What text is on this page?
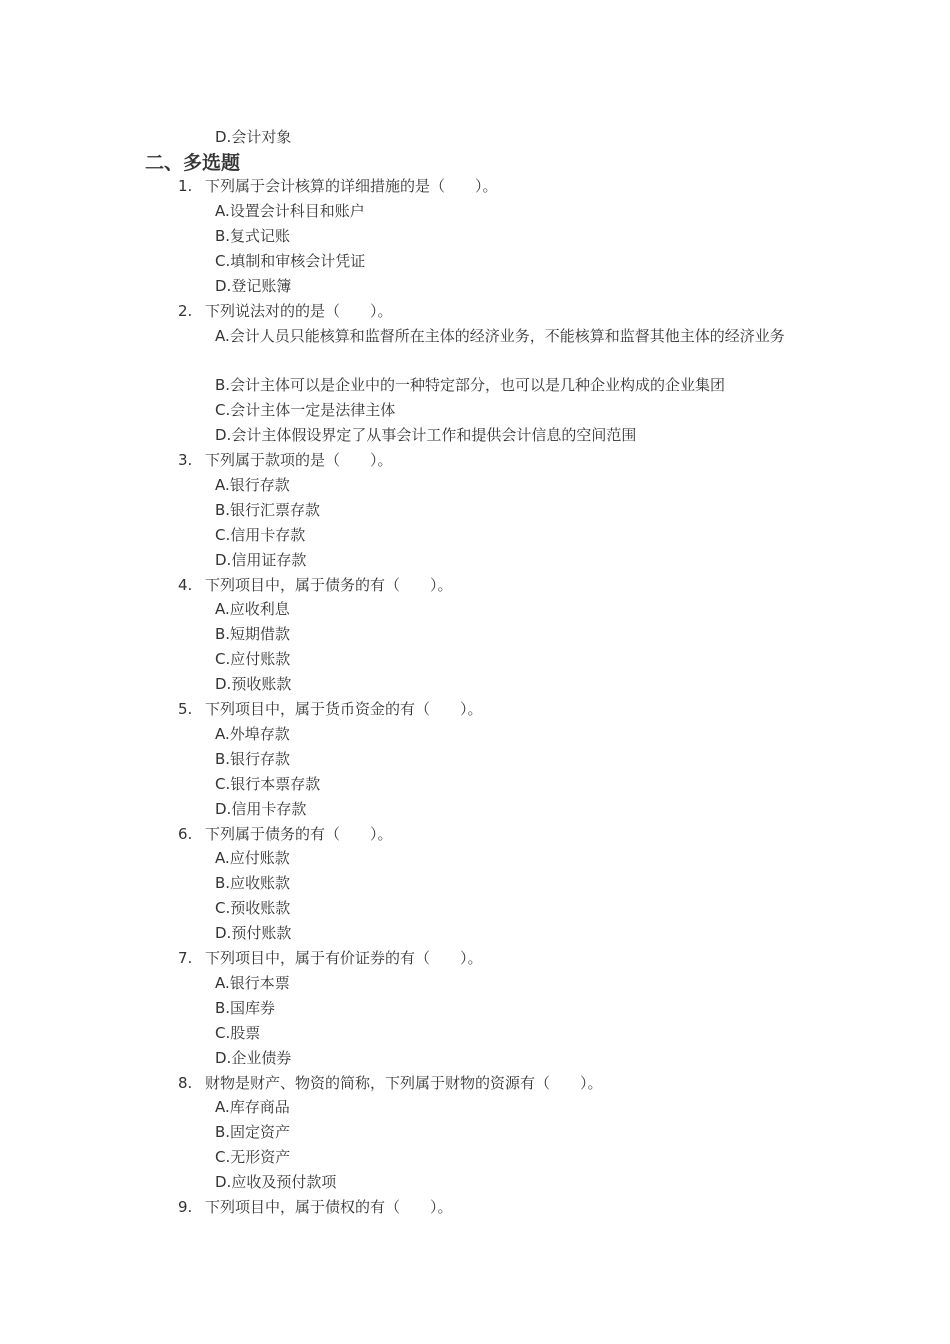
D.会计对象
二、多选题
1. 下列属于会计核算的详细措施的是（　　）。
A.设置会计科目和账户
B.复式记账
C.填制和审核会计凭证
D.登记账簿
2. 下列说法对的的是（　　）。
A.会计人员只能核算和监督所在主体的经济业务，不能核算和监督其他主体的经济业务
B.会计主体可以是企业中的一种特定部分，也可以是几种企业构成的企业集团
C.会计主体一定是法律主体
D.会计主体假设界定了从事会计工作和提供会计信息的空间范围
3. 下列属于款项的是（　　）。
A.银行存款
B.银行汇票存款
C.信用卡存款
D.信用证存款
4. 下列项目中，属于债务的有（　　）。
A.应收利息
B.短期借款
C.应付账款
D.预收账款
5. 下列项目中，属于货币资金的有（　　）。
A.外埠存款
B.银行存款
C.银行本票存款
D.信用卡存款
6. 下列属于债务的有（　　）。
A.应付账款
B.应收账款
C.预收账款
D.预付账款
7. 下列项目中，属于有价证券的有（　　）。
A.银行本票
B.国库券
C.股票
D.企业债券
8. 财物是财产、物资的简称，下列属于财物的资源有（　　）。
A.库存商品
B.固定资产
C.无形资产
D.应收及预付款项
9. 下列项目中，属于债权的有（　　）。
